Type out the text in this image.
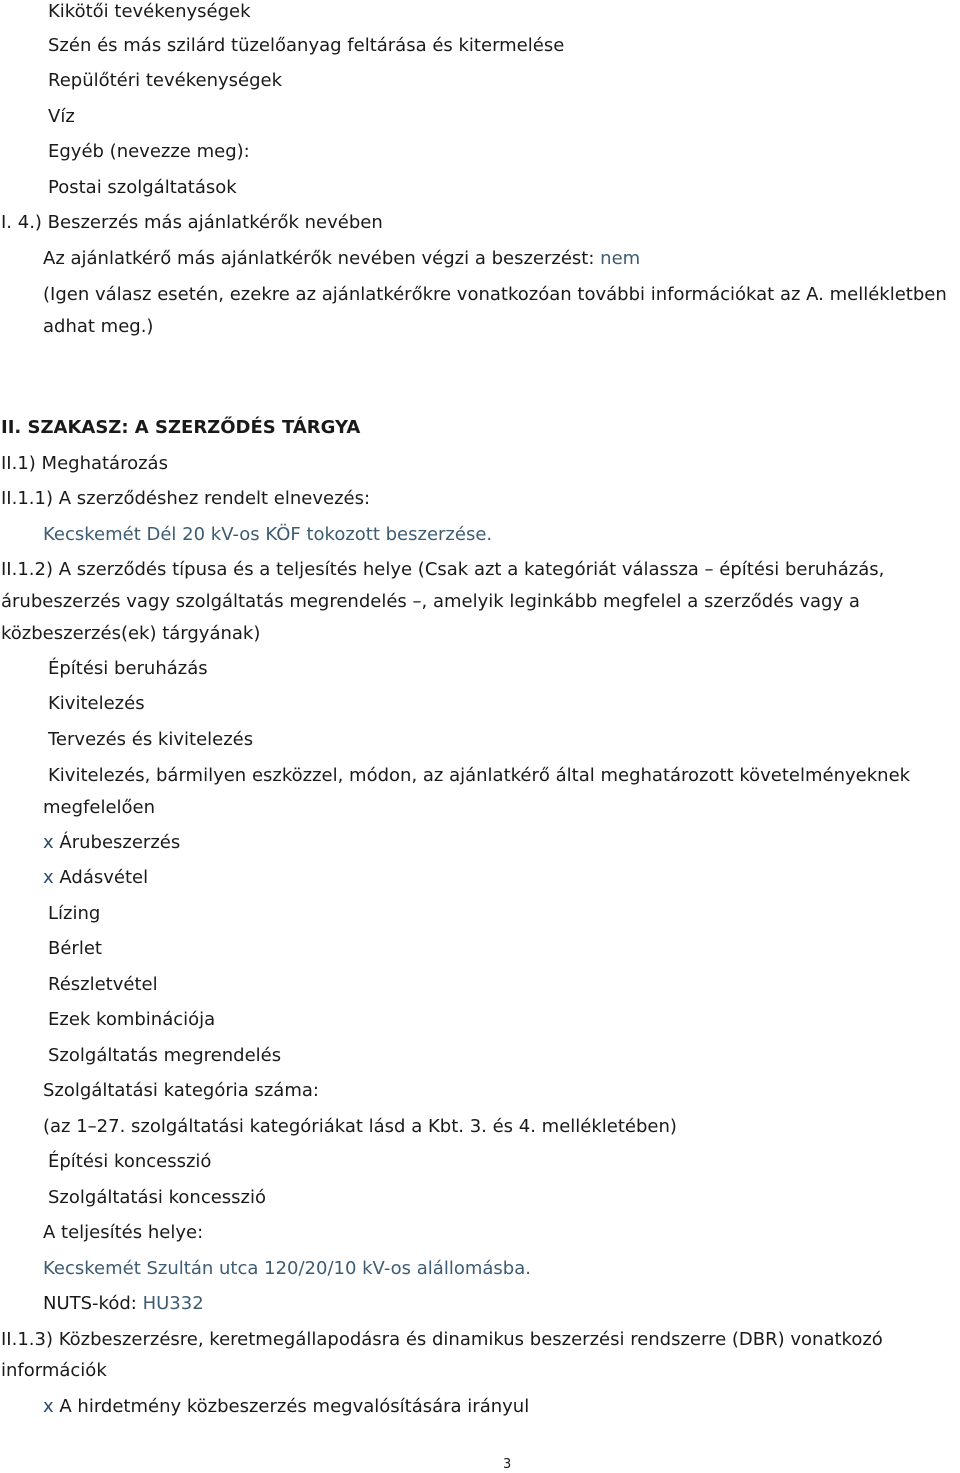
Kikötői tevékenységek
Szén és más szilárd tüzelőanyag feltárása és kitermelése
Repülőtéri tevékenységek
Víz
Egyéb (nevezze meg):
Postai szolgáltatások
I. 4.) Beszerzés más ajánlatkérők nevében
Az ajánlatkérő más ajánlatkérők nevében végzi a beszerzést: nem
(Igen válasz esetén, ezekre az ajánlatkérőkre vonatkozóan további információkat az A. mellékletben
adhat meg.)
II. SZAKASZ: A SZERZŐDÉS TÁRGYA
II.1) Meghatározás
II.1.1) A szerződéshez rendelt elnevezés:
Kecskemét Dél 20 kV-os KÖF tokozott beszerzése.
II.1.2) A szerződés típusa és a teljesítés helye (Csak azt a kategóriát válassza – építési beruházás,
árubeszerzés vagy szolgáltatás megrendelés –, amelyik leginkább megfelel a szerződés vagy a
közbeszerzés(ek) tárgyának)
Építési beruházás
Kivitelezés
Tervezés és kivitelezés
Kivitelezés, bármilyen eszközzel, módon, az ajánlatkérő által meghatározott követelményeknek
megfelelően
x Árubeszerzés
x Adásvétel
Lízing
Bérlet
Részletvétel
Ezek kombinációja
Szolgáltatás megrendelés
Szolgáltatási kategória száma:
(az 1–27. szolgáltatási kategóriákat lásd a Kbt. 3. és 4. mellékletében)
Építési koncesszió
Szolgáltatási koncesszió
A teljesítés helye:
Kecskemét Szultán utca 120/20/10 kV-os alállomásba.
NUTS-kód: HU332
II.1.3) Közbeszerzésre, keretmegállapodásra és dinamikus beszerzési rendszerre (DBR) vonatkozó
információk
x A hirdetmény közbeszerzés megvalósítására irányul
3
